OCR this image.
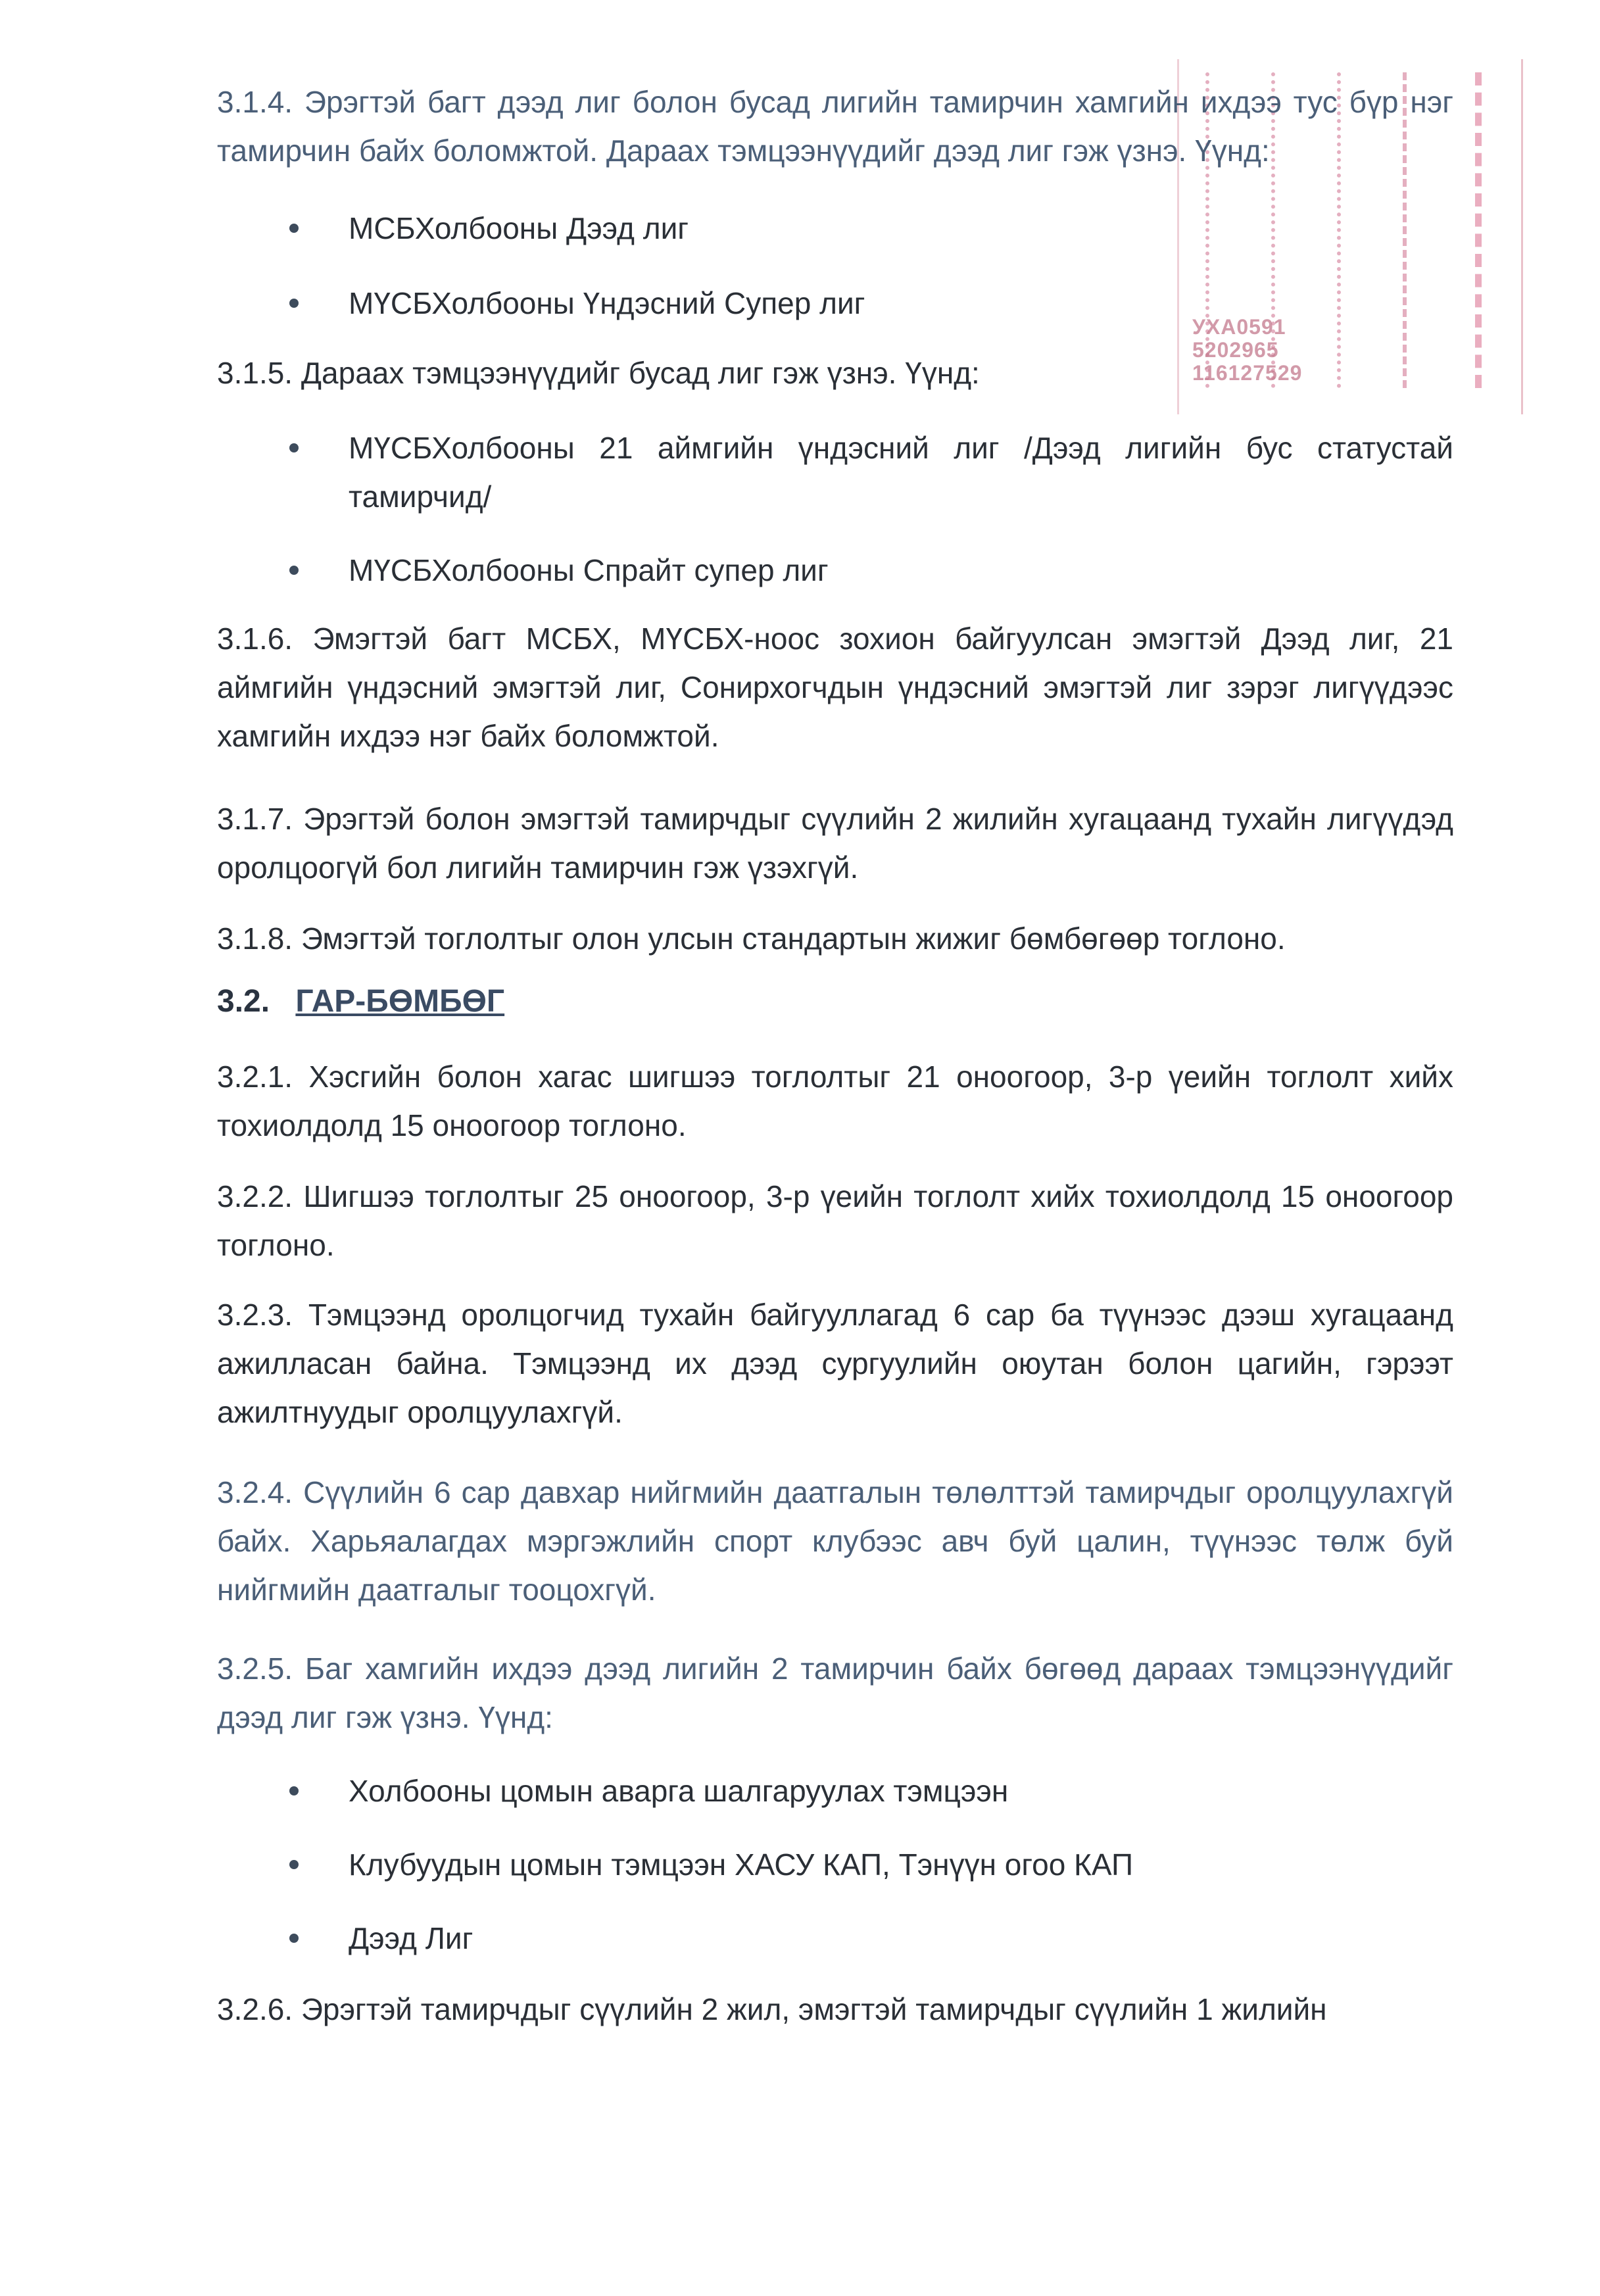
УХА0591
5202965
116127529

3.1.4. Эрэгтэй багт дээд лиг болон бусад лигийн тамирчин хамгийн ихдээ тус бүр нэг тамирчин байх боломжтой. Дараах тэмцээнүүдийг дээд лиг гэж үзнэ. Үүнд:

МСБХолбооны Дээд лиг
МҮСБХолбооны Үндэсний Супер лиг

3.1.5. Дараах тэмцээнүүдийг бусад лиг гэж үзнэ. Үүнд:

МҮСБХолбооны 21 аймгийн үндэсний лиг /Дээд лигийн бус статустай тамирчид/
МҮСБХолбооны Спрайт супер лиг

3.1.6. Эмэгтэй багт МСБХ, МҮСБХ-ноос зохион байгуулсан эмэгтэй Дээд лиг, 21 аймгийн үндэсний эмэгтэй лиг, Сонирхогчдын үндэсний эмэгтэй лиг зэрэг лигүүдээс хамгийн ихдээ нэг байх боломжтой.

3.1.7. Эрэгтэй болон эмэгтэй тамирчдыг сүүлийн 2 жилийн хугацаанд тухайн лигүүдэд оролцоогүй бол лигийн тамирчин гэж үзэхгүй.

3.1.8. Эмэгтэй тоглолтыг олон улсын стандартын жижиг бөмбөгөөр тоглоно.

3.2. ГАР-БӨМБӨГ

3.2.1. Хэсгийн болон хагас шигшээ тоглолтыг 21 оноогоор, 3-р үеийн тоглолт хийх тохиолдолд 15 оноогоор тоглоно.

3.2.2. Шигшээ тоглолтыг 25 оноогоор, 3-р үеийн тоглолт хийх тохиолдолд 15 оноогоор тоглоно.

3.2.3. Тэмцээнд оролцогчид тухайн байгууллагад 6 сар ба түүнээс дээш хугацаанд ажилласан байна. Тэмцээнд их дээд сургуулийн оюутан болон цагийн, гэрээт ажилтнуудыг оролцуулахгүй.

3.2.4. Сүүлийн 6 сар давхар нийгмийн даатгалын төлөлттэй тамирчдыг оролцуулахгүй байх. Харьяалагдах мэргэжлийн спорт клубээс авч буй цалин, түүнээс төлж буй нийгмийн даатгалыг тооцохгүй.

3.2.5. Баг хамгийн ихдээ дээд лигийн 2 тамирчин байх бөгөөд дараах тэмцээнүүдийг дээд лиг гэж үзнэ. Үүнд:

Холбооны цомын аварга шалгаруулах тэмцээн
Клубуудын цомын тэмцээн ХАСУ КАП, Тэнүүн огоо КАП
Дээд Лиг

3.2.6. Эрэгтэй тамирчдыг сүүлийн 2 жил, эмэгтэй тамирчдыг сүүлийн 1 жилийн
